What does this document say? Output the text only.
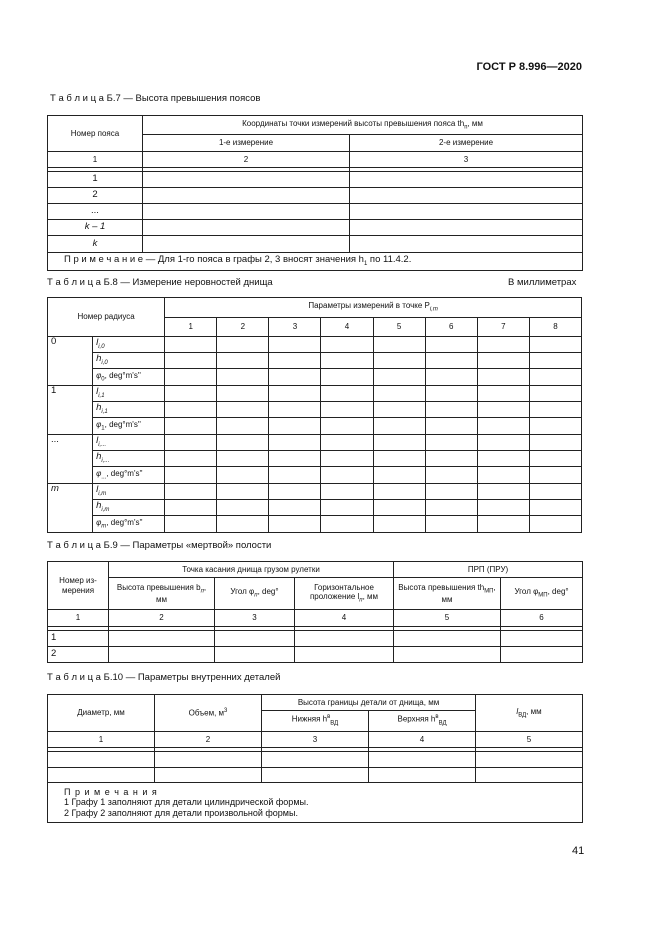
ГОСТ Р 8.996—2020
Т а б л и ц а Б.7 — Высота превышения поясов
Номер пояса	Координаты точки измерений высоты превышения пояса $th_п$, мм	
	1-е измерение	2-е измерение
1	2	3

1		
2		
...		
k – 1		
k		
П р и м е ч а н и е — Для 1-го пояса в графы 2, 3 вносят значения $h_1$ по 11.4.2.		
Т а б л и ц а Б.8 — Измерение неровностей днища	В миллиметрах
Номер радиуса		Параметры измерений в точке $P_{i,m}$
		1	2	3	4	5	6	7	8
0	$l_{i,0}$								
	$h_{i,0}$								
	$\varphi_0$, deg°m's''								
1	$l_{i,1}$								
	$h_{i,1}$								
	$\varphi_1$, deg°m's''								
...	$l_{i,...}$								
	$h_{i,...}$								
	$\varphi_{...}$, deg°m's''								
m	$l_{i,m}$								
	$h_{i,m}$								
	$\varphi_m$, deg°m's''								
Т а б л и ц а Б.9 — Параметры «мертвой» полости
Номер из-мерения	Точка касания днища грузом рулетки			ПРП (ПРУ)	
	Высота превышения $b_п$, мм	Угол $\varphi_п$, deg°	Горизонтальное проложение $l_п$, мм	Высота превышения $th_{МП}$, мм	Угол $\varphi_{МП}$, deg°
1	2	3	4	5	6

1					
2					
Т а б л и ц а Б.10 — Параметры внутренних деталей
Диаметр, мм	Объем, $м^3$	Высота границы детали от днища, мм		$l_{ВД}$, мм
		Нижняя $h^в_{ВД}$	Верхняя $h^в_{ВД}$
1	2	3	4	5

П р и м е ч а н и я
1 Графу 1 заполняют для детали цилиндрической формы.
2 Графу 2 заполняют для детали произвольной формы.				
41
